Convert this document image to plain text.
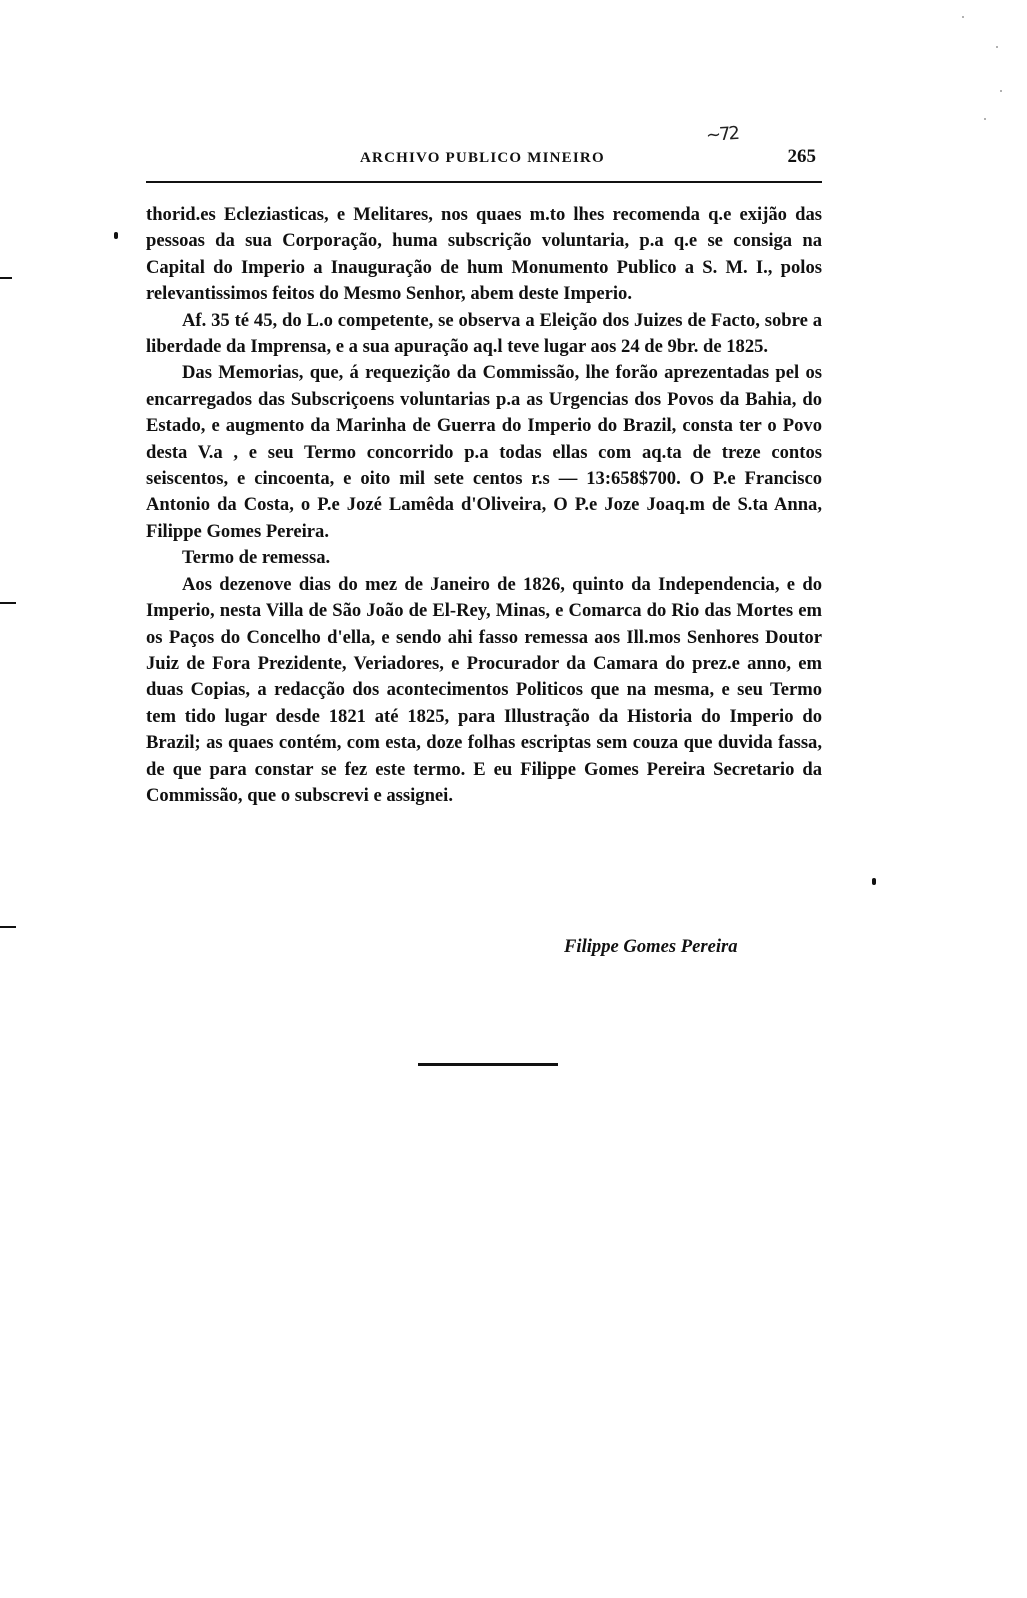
ARCHIVO PUBLICO MINEIRO
~72
265

thorid.es Ecleziasticas, e Melitares, nos quaes m.to lhes recomenda q.e exijão das pessoas da sua Corporação, huma subscrição voluntaria, p.a q.e se consiga na Capital do Imperio a Inauguração de hum Monumento Publico a S. M. I., polos relevantissimos feitos do Mesmo Senhor, abem deste Imperio.

Af. 35 té 45, do L.o competente, se observa a Eleição dos Juizes de Facto, sobre a liberdade da Imprensa, e a sua apuração aq.l teve lugar aos 24 de 9br. de 1825.

Das Memorias, que, á requezição da Commissão, lhe forão aprezentadas pel os encarregados das Subscriçoens voluntarias p.a as Urgencias dos Povos da Bahia, do Estado, e augmento da Marinha de Guerra do Imperio do Brazil, consta ter o Povo desta V.a , e seu Termo concorrido p.a todas ellas com aq.ta de treze contos seiscentos, e cincoenta, e oito mil sete centos r.s — 13:658$700. O P.e Francisco Antonio da Costa, o P.e Jozé Lamêda d'Oliveira, O P.e Joze Joaq.m de S.ta Anna, Filippe Gomes Pereira.

Termo de remessa.

Aos dezenove dias do mez de Janeiro de 1826, quinto da Independencia, e do Imperio, nesta Villa de São João de El-Rey, Minas, e Comarca do Rio das Mortes em os Paços do Concelho d'ella, e sendo ahi fasso remessa aos Ill.mos Senhores Doutor Juiz de Fora Prezidente, Veriadores, e Procurador da Camara do prez.e anno, em duas Copias, a redacção dos acontecimentos Politicos que na mesma, e seu Termo tem tido lugar desde 1821 até 1825, para Illustração da Historia do Imperio do Brazil; as quaes contém, com esta, doze folhas escriptas sem couza que duvida fassa, de que para constar se fez este termo. E eu Filippe Gomes Pereira Secretario da Commissão, que o subscrevi e assignei.

Filippe Gomes Pereira
